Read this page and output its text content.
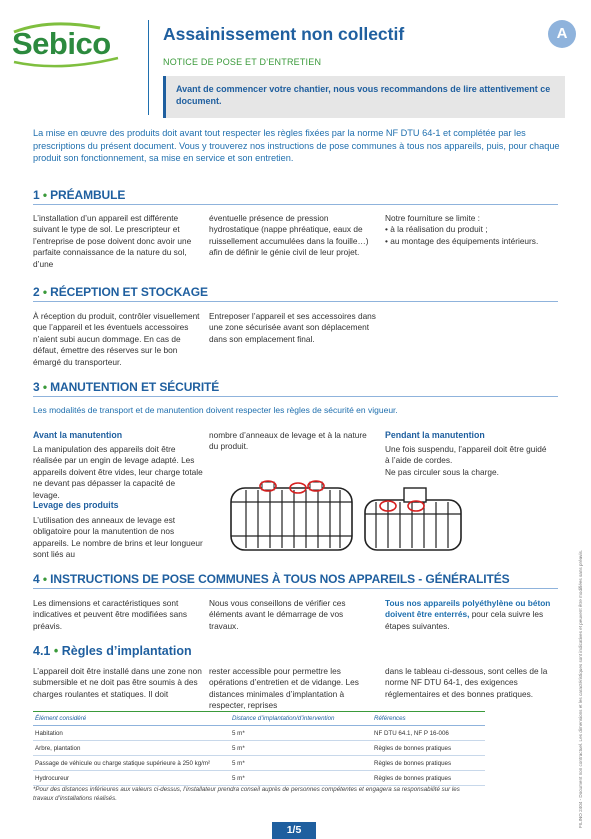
Sebico	Assainissement non collectif
NOTICE DE POSE ET D’ENTRETIEN
A
Avant de commencer votre chantier, nous vous recommandons de lire attentivement ce document.
La mise en œuvre des produits doit avant tout respecter les règles fixées par la norme NF DTU 64-1 et complétée par les prescriptions du présent document. Vous y trouverez nos instructions de pose communes à tous nos appareils, puis, pour chaque produit son fonctionnement, sa mise en service et son entretien.
1 • PRÉAMBULE
L’installation d’un appareil est différente suivant le type de sol. Le prescripteur et l’entreprise de pose doivent donc avoir une parfaite connaissance de la nature du sol, d’une
éventuelle présence de pression hydrostatique (nappe phréatique, eaux de ruissellement accumulées dans la fouille…) afin de définir le génie civil de leur projet.
Notre fourniture se limite :
• à la réalisation du produit ;
• au montage des équipements intérieurs.
2 • RÉCEPTION ET STOCKAGE
À réception du produit, contrôler visuellement que l’appareil et les éventuels accessoires n’aient subi aucun dommage. En cas de défaut, émettre des réserves sur le bon émargé du transporteur.
Entreposer l’appareil et ses accessoires dans une zone sécurisée avant son déplacement dans son emplacement final.
3 • MANUTENTION ET SÉCURITÉ
Les modalités de transport et de manutention doivent respecter les règles de sécurité en vigueur.
Avant la manutention
La manipulation des appareils doit être réalisée par un engin de levage adapté. Les appareils doivent être vides, leur charge totale ne devant pas dépasser la capacité de levage.
Levage des produits
L’utilisation des anneaux de levage est obligatoire pour la manutention de nos appareils. Le nombre de brins et leur longueur sont liés au
nombre d’anneaux de levage et à la nature du produit.
Pendant la manutention
Une fois suspendu, l’appareil doit être guidé à l’aide de cordes.
Ne pas circuler sous la charge.
4 • INSTRUCTIONS DE POSE COMMUNES À TOUS NOS APPAREILS - GÉNÉRALITÉS
Les dimensions et caractéristiques sont indicatives et peuvent être modifiées sans préavis.
Nous vous conseillons de vérifier ces éléments avant le démarrage de vos travaux.
Tous nos appareils polyéthylène ou béton doivent être enterrés, pour cela suivre les étapes suivantes.
4.1 • Règles d’implantation
L’appareil doit être installé dans une zone non submersible et ne doit pas être soumis à des charges roulantes et statiques. Il doit
rester accessible pour permettre les opérations d’entretien et de vidange. Les distances minimales d’implantation à respecter, reprises
dans le tableau ci-dessous, sont celles de la norme NF DTU 64-1, des exigences réglementaires et des bonnes pratiques.
Élément considéré	Distance d’implantation/d’intervention	Références
Habitation	5 m*	NF DTU 64.1, NF P 16-006
Arbre, plantation	5 m*	Règles de bonnes pratiques
Passage de véhicule ou charge statique supérieure à 250 kg/m²	5 m*	Règles de bonnes pratiques
Hydrocureur	5 m*	Règles de bonnes pratiques
*Pour des distances inférieures aux valeurs ci-dessus, l’installateur prendra conseil auprès de personnes compétentes et engagera sa responsabilité sur les travaux d’installations réalisés.
1/5
FILINO 2404 - Document non contractuel. Les dimensions et les caractéristiques sont indicatives et peuvent être modifiées sans préavis.
